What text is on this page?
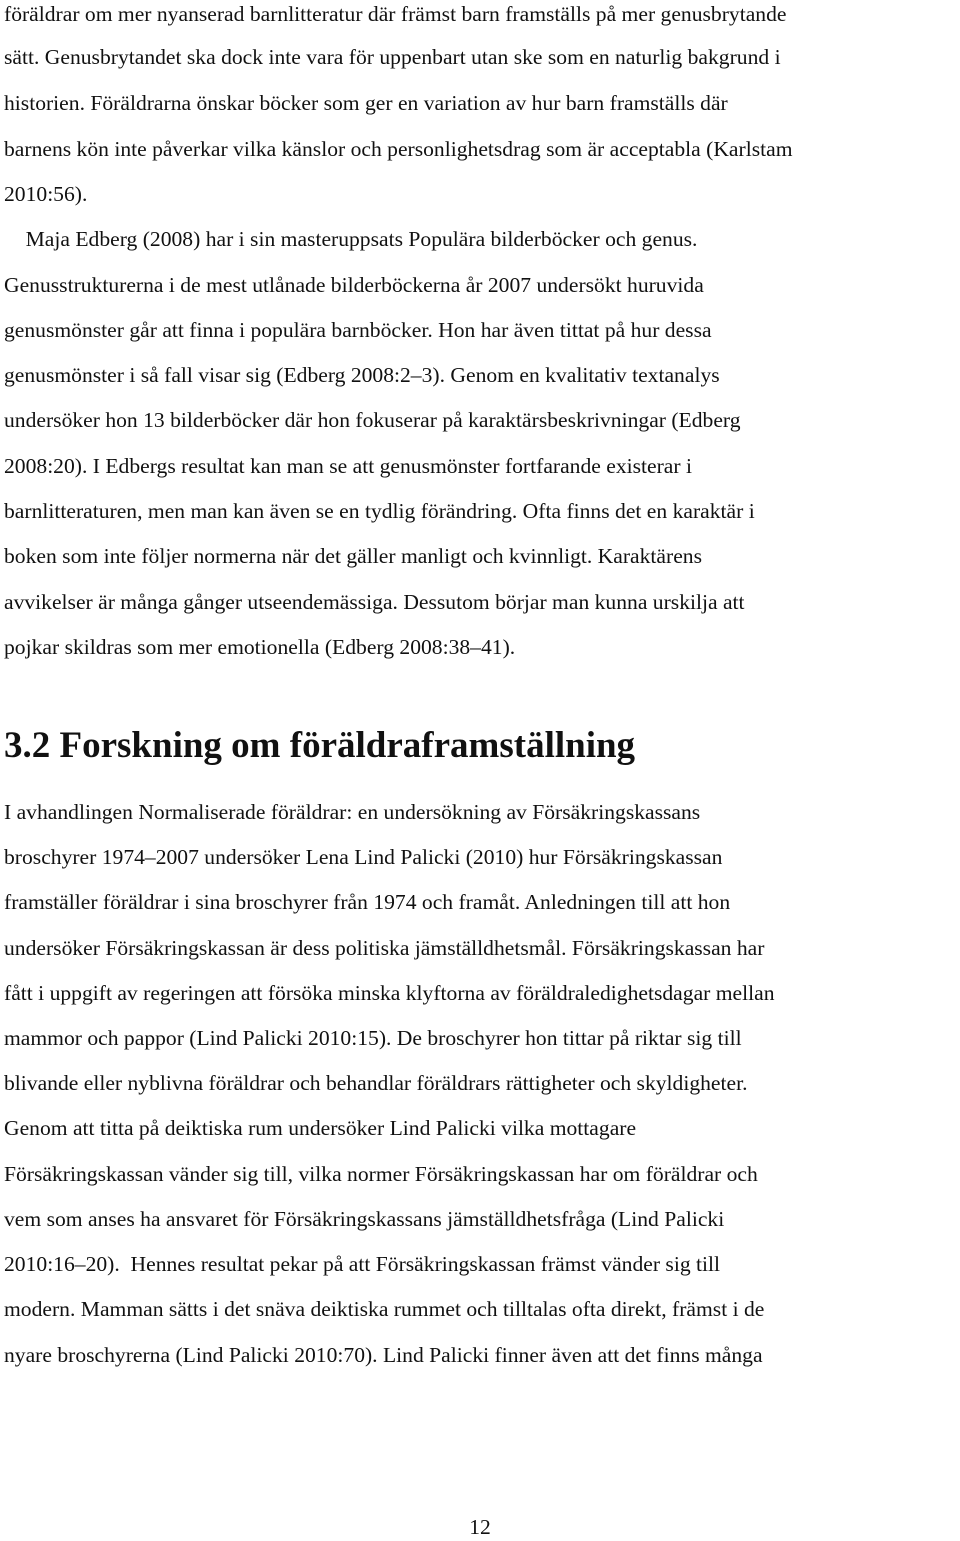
föräldrar om mer nyanserad barnlitteratur där främst barn framställs på mer genusbrytande
sätt. Genusbrytandet ska dock inte vara för uppenbart utan ske som en naturlig bakgrund i
historien. Föräldrarna önskar böcker som ger en variation av hur barn framställs där
barnens kön inte påverkar vilka känslor och personlighetsdrag som är acceptabla (Karlstam
2010:56).
Maja Edberg (2008) har i sin masteruppsats Populära bilderböcker och genus.
Genusstrukturerna i de mest utlånade bilderböckerna år 2007 undersökt huruvida
genusmönster går att finna i populära barnböcker. Hon har även tittat på hur dessa
genusmönster i så fall visar sig (Edberg 2008:2–3). Genom en kvalitativ textanalys
undersöker hon 13 bilderböcker där hon fokuserar på karaktärsbeskrivningar (Edberg
2008:20). I Edbergs resultat kan man se att genusmönster fortfarande existerar i
barnlitteraturen, men man kan även se en tydlig förändring. Ofta finns det en karaktär i
boken som inte följer normerna när det gäller manligt och kvinnligt. Karaktärens
avvikelser är många gånger utseendemässiga. Dessutom börjar man kunna urskilja att
pojkar skildras som mer emotionella (Edberg 2008:38–41).
I avhandlingen Normaliserade föräldrar: en undersökning av Försäkringskassans
broschyrer 1974–2007 undersöker Lena Lind Palicki (2010) hur Försäkringskassan
framställer föräldrar i sina broschyrer från 1974 och framåt. Anledningen till att hon
undersöker Försäkringskassan är dess politiska jämställdhetsmål. Försäkringskassan har
fått i uppgift av regeringen att försöka minska klyftorna av föräldraledighetsdagar mellan
mammor och pappor (Lind Palicki 2010:15). De broschyrer hon tittar på riktar sig till
blivande eller nyblivna föräldrar och behandlar föräldrars rättigheter och skyldigheter.
Genom att titta på deiktiska rum undersöker Lind Palicki vilka mottagare
Försäkringskassan vänder sig till, vilka normer Försäkringskassan har om föräldrar och
vem som anses ha ansvaret för Försäkringskassans jämställdhetsfråga (Lind Palicki
2010:16–20).  Hennes resultat pekar på att Försäkringskassan främst vänder sig till
modern. Mamman sätts i det snäva deiktiska rummet och tilltalas ofta direkt, främst i de
nyare broschyrerna (Lind Palicki 2010:70). Lind Palicki finner även att det finns många
3.2 Forskning om föräldraframställning
12
